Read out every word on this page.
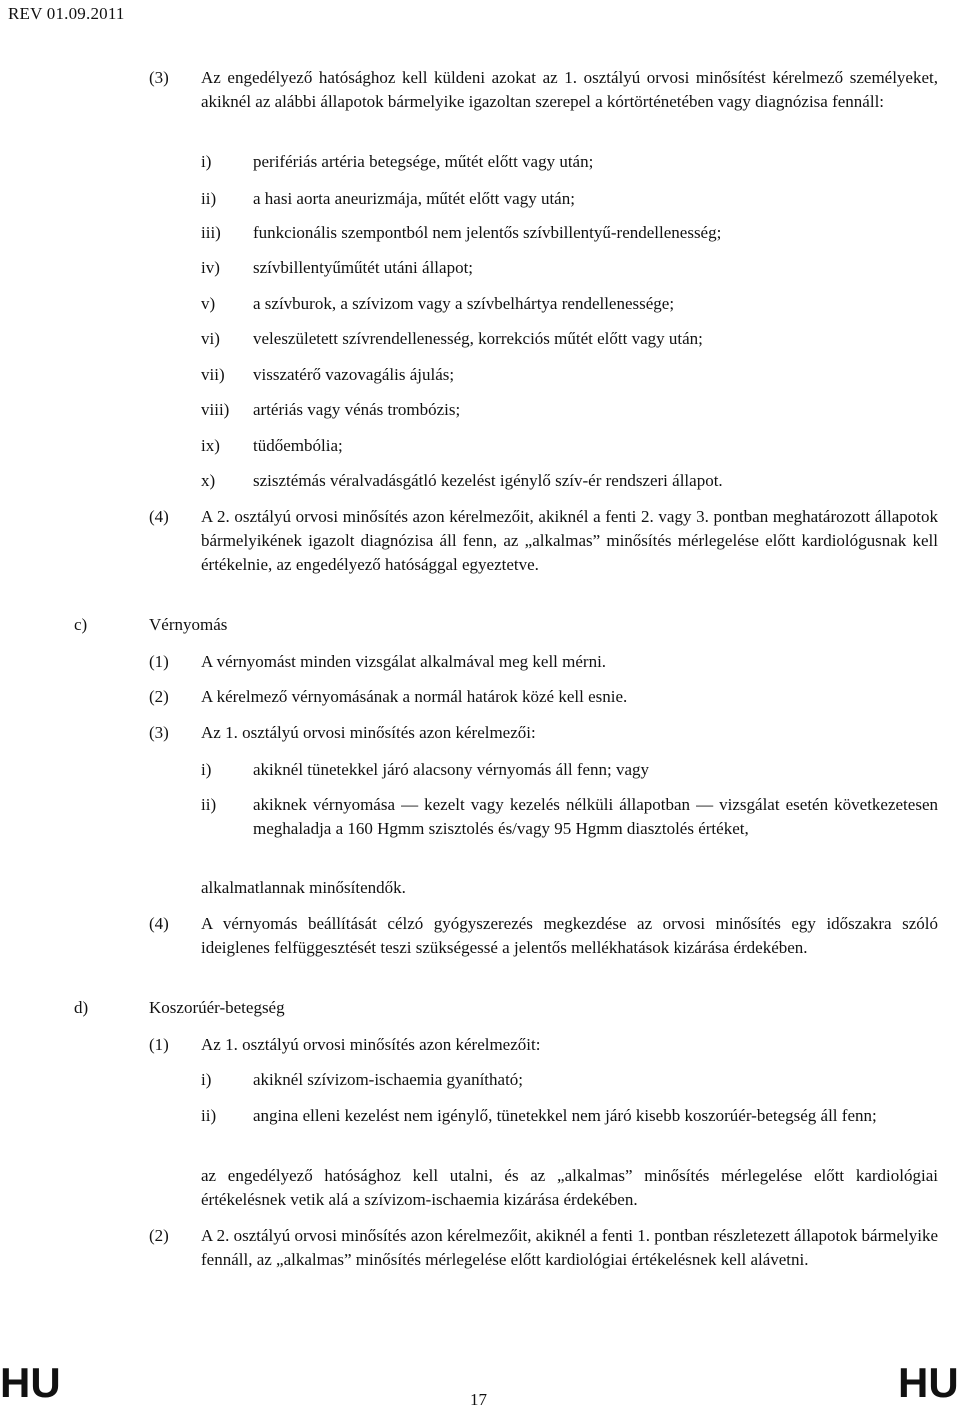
REV 01.09.2011
(3) Az engedélyező hatósághoz kell küldeni azokat az 1. osztályú orvosi minősítést kérelmező személyeket, akiknél az alábbi állapotok bármelyike igazoltan szerepel a kórtörténetében vagy diagnózisa fennáll:
i) perifériás artéria betegsége, műtét előtt vagy után;
ii) a hasi aorta aneurizmája, műtét előtt vagy után;
iii) funkcionális szempontból nem jelentős szívbillentyű-rendellenesség;
iv) szívbillentyűműtét utáni állapot;
v) a szívburok, a szívizom vagy a szívbelhártya rendellenessége;
vi) veleszületett szívrendellenesség, korrekciós műtét előtt vagy után;
vii) visszatérő vazovagális ájulás;
viii) artériás vagy vénás trombózis;
ix) tüdőembólia;
x) szisztémás véralvadásgátló kezelést igénylő szív-ér rendszeri állapot.
(4) A 2. osztályú orvosi minősítés azon kérelmezőit, akiknél a fenti 2. vagy 3. pontban meghatározott állapotok bármelyikének igazolt diagnózisa áll fenn, az „alkalmas” minősítés mérlegelése előtt kardiológusnak kell értékelnie, az engedélyező hatósággal egyeztetve.
c)	Vérnyomás
(1) A vérnyomást minden vizsgálat alkalmával meg kell mérni.
(2) A kérelmező vérnyomásának a normál határok közé kell esnie.
(3) Az 1. osztályú orvosi minősítés azon kérelmezői:
i) akiknél tünetekkel járó alacsony vérnyomás áll fenn; vagy
ii) akiknek vérnyomása — kezelt vagy kezelés nélküli állapotban — vizsgálat esetén következetesen meghaladja a 160 Hgmm szisztolés és/vagy 95 Hgmm diasztolés értéket,
alkalmatlannak minősítendők.
(4) A vérnyomás beállítását célzó gyógyszerezés megkezdése az orvosi minősítés egy időszakra szóló ideiglenes felfüggesztését teszi szükségessé a jelentős mellékhatások kizárása érdekében.
d)	Koszorúér-betegség
(1) Az 1. osztályú orvosi minősítés azon kérelmezőit:
i) akiknél szívizom-ischaemia gyanítható;
ii) angina elleni kezelést nem igénylő, tünetekkel nem járó kisebb koszorúér-betegség áll fenn;
az engedélyező hatósághoz kell utalni, és az „alkalmas” minősítés mérlegelése előtt kardiológiai értékelésnek vetik alá a szívizom-ischaemia kizárása érdekében.
(2) A 2. osztályú orvosi minősítés azon kérelmezőit, akiknél a fenti 1. pontban részletezett állapotok bármelyike fennáll, az „alkalmas” minősítés mérlegelése előtt kardiológiai értékelésnek kell alávetni.
HU	17	HU
